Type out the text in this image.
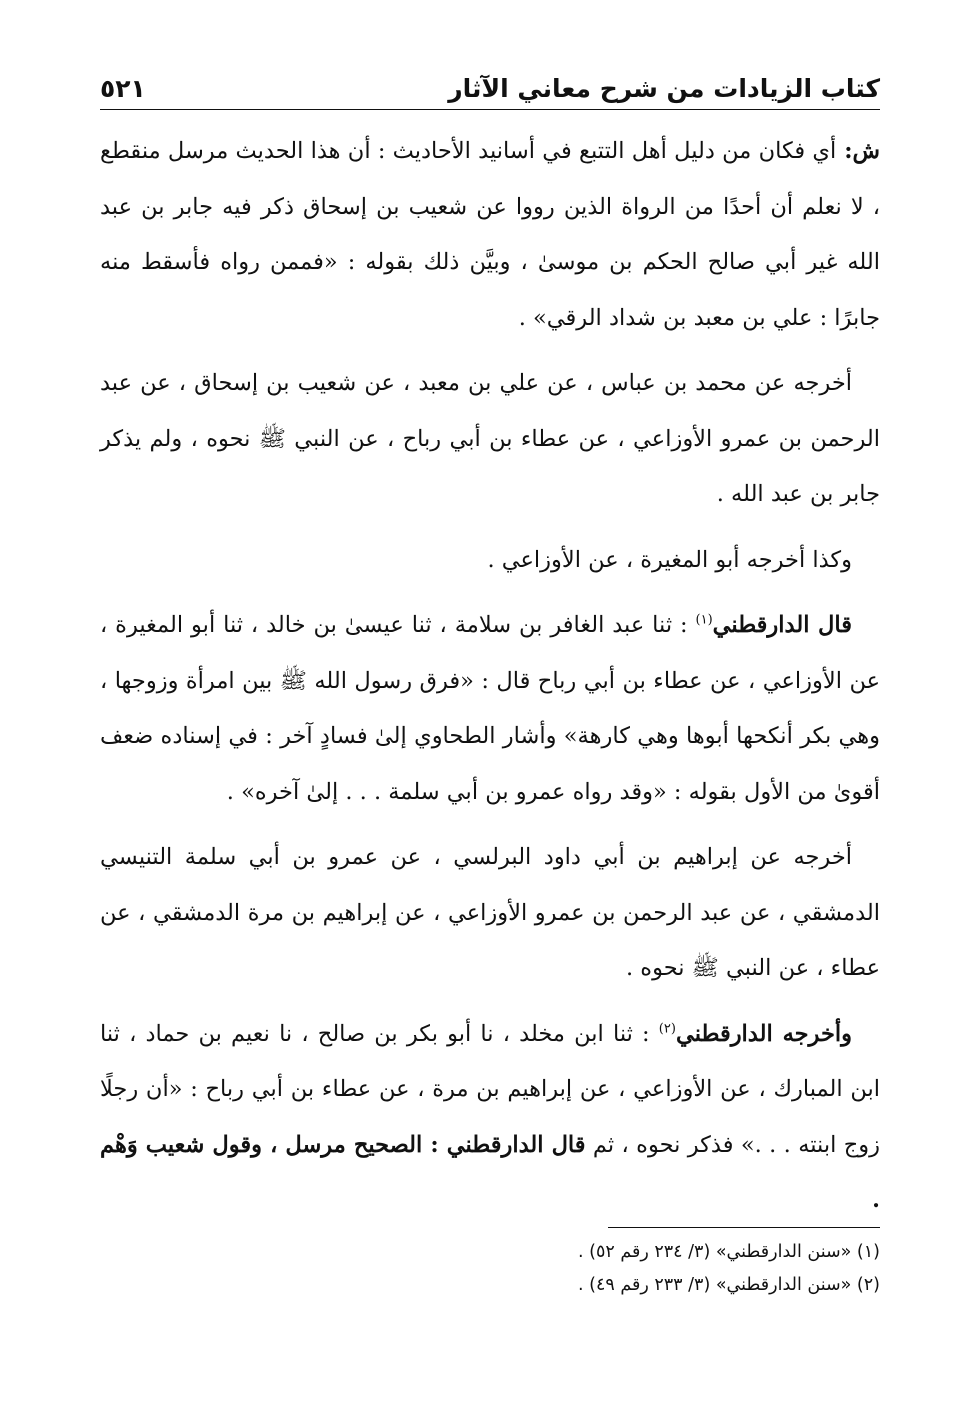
كتاب الزيادات من شرح معاني الآثار
٥٢١

ش: أي فكان من دليل أهل التتبع في أسانيد الأحاديث : أن هذا الحديث مرسل منقطع ، لا نعلم أن أحدًا من الرواة الذين رووا عن شعيب بن إسحاق ذكر فيه جابر بن عبد الله غير أبي صالح الحكم بن موسىٰ ، وبيَّن ذلك بقوله : «فممن رواه فأسقط منه جابرًا : علي بن معبد بن شداد الرقي» .

أخرجه عن محمد بن عباس ، عن علي بن معبد ، عن شعيب بن إسحاق ، عن عبد الرحمن بن عمرو الأوزاعي ، عن عطاء بن أبي رباح ، عن النبي ﷺ نحوه ، ولم يذكر جابر بن عبد الله .

وكذا أخرجه أبو المغيرة ، عن الأوزاعي .

قال الدارقطني$^{(١)}$ : ثنا عبد الغافر بن سلامة ، ثنا عيسىٰ بن خالد ، ثنا أبو المغيرة ، عن الأوزاعي ، عن عطاء بن أبي رباح قال : «فرق رسول الله ﷺ بين امرأة وزوجها ، وهي بكر أنكحها أبوها وهي كارهة» وأشار الطحاوي إلىٰ فسادٍ آخر : في إسناده ضعف أقوىٰ من الأول بقوله : «وقد رواه عمرو بن أبي سلمة . . . إلىٰ آخره» .

أخرجه عن إبراهيم بن أبي داود البرلسي ، عن عمرو بن أبي سلمة التنيسي الدمشقي ، عن عبد الرحمن بن عمرو الأوزاعي ، عن إبراهيم بن مرة الدمشقي ، عن عطاء ، عن النبي ﷺ نحوه .

وأخرجه الدارقطني$^{(٢)}$ : ثنا ابن مخلد ، نا أبو بكر بن صالح ، نا نعيم بن حماد ، ثنا ابن المبارك ، عن الأوزاعي ، عن إبراهيم بن مرة ، عن عطاء بن أبي رباح : «أن رجلًا زوج ابنته . . .» فذكر نحوه ، ثم قال الدارقطني : الصحيح مرسل ، وقول شعيب وَهْم .

(١) «سنن الدارقطني» (٣/ ٢٣٤ رقم ٥٢) .

(٢) «سنن الدارقطني» (٣/ ٢٣٣ رقم ٤٩) .
